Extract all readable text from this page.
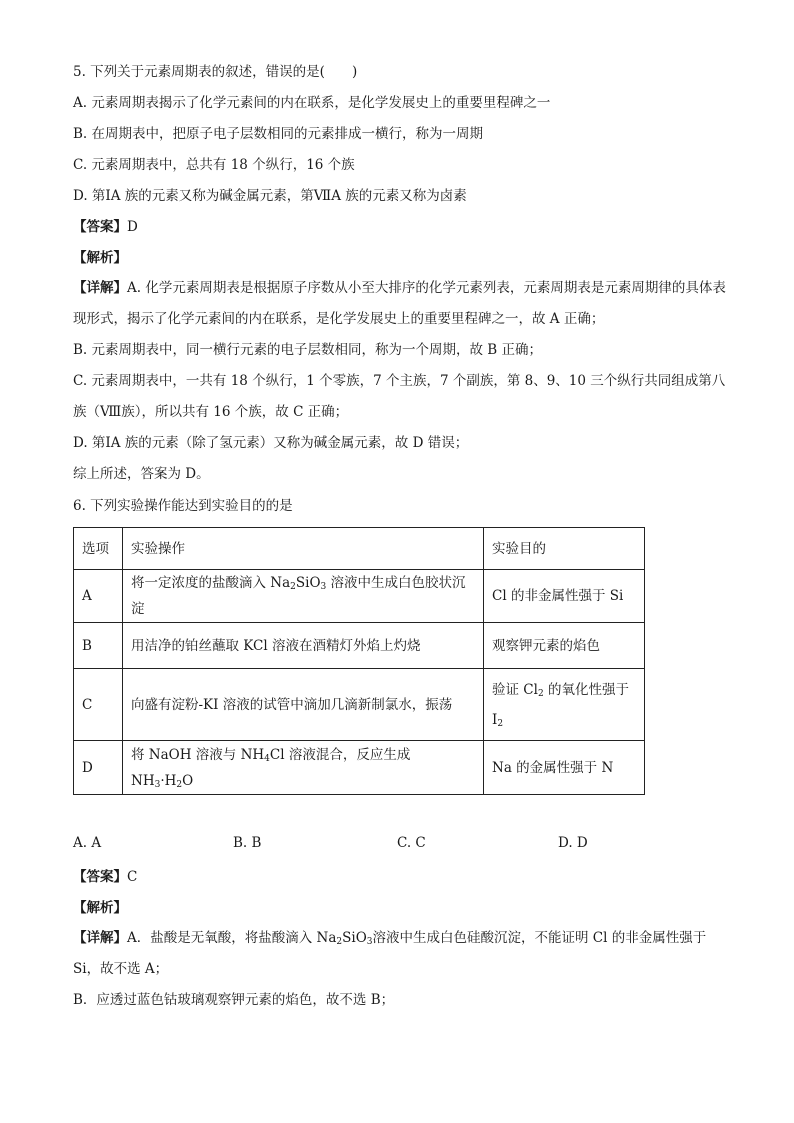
5. 下列关于元素周期表的叙述，错误的是(　　)
A. 元素周期表揭示了化学元素间的内在联系，是化学发展史上的重要里程碑之一
B. 在周期表中，把原子电子层数相同的元素排成一横行，称为一周期
C. 元素周期表中，总共有 18 个纵行，16 个族
D. 第ⅠA 族的元素又称为碱金属元素，第ⅦA 族的元素又称为卤素
【答案】D
【解析】

【详解】A. 化学元素周期表是根据原子序数从小至大排序的化学元素列表，元素周期表是元素周期律的具体表现形式，揭示了化学元素间的内在联系，是化学发展史上的重要里程碑之一，故 A 正确；

B. 元素周期表中，同一横行元素的电子层数相同，称为一个周期，故 B 正确；

C. 元素周期表中，一共有 18 个纵行，1 个零族，7 个主族，7 个副族，第 8、9、10 三个纵行共同组成第八族（Ⅷ族），所以共有 16 个族，故 C 正确；

D. 第ⅠA 族的元素（除了氢元素）又称为碱金属元素，故 D 错误；

综上所述，答案为 D。

6. 下列实验操作能达到实验目的的是
选项	实验操作	实验目的
A	将一定浓度的盐酸滴入 $Na_2SiO_3$ 溶液中生成白色胶状沉淀	Cl 的非金属性强于 Si
B	用洁净的铂丝蘸取 KCl 溶液在酒精灯外焰上灼烧	观察钾元素的焰色
C	向盛有淀粉-KI 溶液的试管中滴加几滴新制氯水，振荡	验证 $Cl_2$ 的氧化性强于 $I_2$
D	将 NaOH 溶液与 $NH_4Cl$ 溶液混合，反应生成 $NH_3\cdot H_2O$	Na 的金属性强于 N
A. A	B. B	C. C	D. D
【答案】C
【解析】

【详解】A．盐酸是无氧酸，将盐酸滴入 $Na_2SiO_3$溶液中生成白色硅酸沉淀，不能证明 Cl 的非金属性强于 Si，故不选 A；

B．应透过蓝色钴玻璃观察钾元素的焰色，故不选 B；
